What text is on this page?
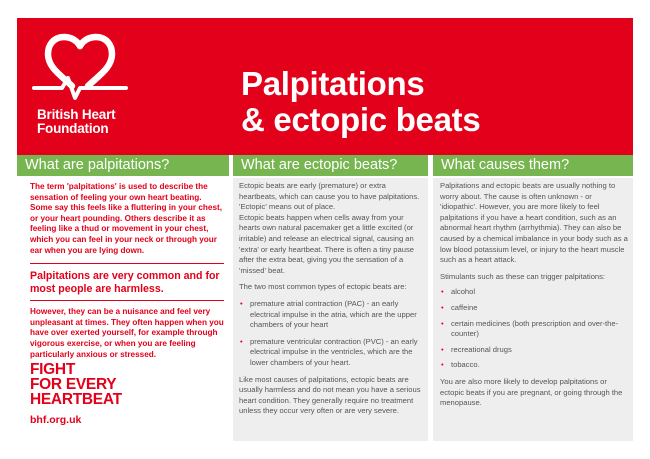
British Heart
Foundation
Palpitations
& ectopic beats
What are palpitations?	What are ectopic beats?	What causes them?

The term 'palpitations' is used to describe the sensation of feeling your own heart beating. Some say this feels like a fluttering in your chest, or your heart pounding. Others describe it as feeling like a thud or movement in your chest, which you can feel in your neck or through your ear when you are lying down.

Palpitations are very common and for most people are harmless.

However, they can be a nuisance and feel very unpleasant at times. They often happen when you have over exerted yourself, for example through vigorous exercise, or when you are feeling particularly anxious or stressed.

FIGHT
FOR EVERY
HEARTBEAT
bhf.org.uk

Ectopic beats are early (premature) or extra heartbeats, which can cause you to have palpitations. 'Ectopic' means out of place.

Ectopic beats happen when cells away from your hearts own natural pacemaker get a little excited (or irritable) and release an electrical signal, causing an 'extra' or early heartbeat. There is often a tiny pause after the extra beat, giving you the sensation of a 'missed' beat.

The two most common types of ectopic beats are:

• premature atrial contraction (PAC) - an early electrical impulse in the atria, which are the upper chambers of your heart

• premature ventricular contraction (PVC) - an early electrical impulse in the ventricles, which are the lower chambers of your heart.

Like most causes of palpitations, ectopic beats are usually harmless and do not mean you have a serious heart condition. They generally require no treatment unless they occur very often or are very severe.

Palpitations and ectopic beats are usually nothing to worry about. The cause is often unknown - or 'idiopathic'. However, you are more likely to feel palpitations if you have a heart condition, such as an abnormal heart rhythm (arrhythmia). They can also be caused by a chemical imbalance in your body such as a low blood potassium level, or injury to the heart muscle such as a heart attack.

Stimulants such as these can trigger palpitations:

• alcohol

• caffeine

• certain medicines (both prescription and over-the-counter)

• recreational drugs

• tobacco.

You are also more likely to develop palpitations or ectopic beats if you are pregnant, or going through the menopause.
